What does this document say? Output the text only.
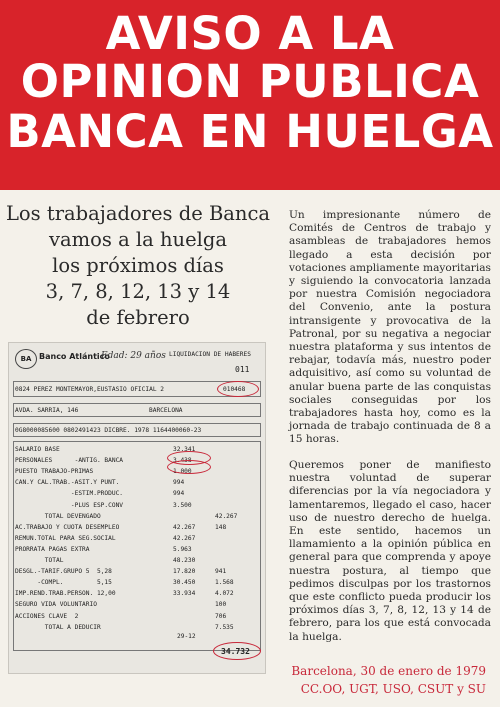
AVISO A LA
OPINION PUBLICA
BANCA EN HUELGA
Los trabajadores de Banca
vamos a la huelga
los próximos días
3, 7, 8, 12, 13 y 14
de febrero
BA Banco Atlántico
Edad: 29 años LIQUIDACION DE HABERES
011
0824 PEREZ MONTEMAYOR,EUSTASIO OFICIAL 2	010468
AVDA. SARRIA, 146	BARCELONA
0G8000085600 0802491423 DICBRE. 1978 1164400060-23
SALARIO BASE	32.341
PERSONALES      -ANTIG. BANCA	3.438
PUESTO TRABAJO-PRIMAS	1.000
CAN.Y CAL.TRAB.-ASIT.Y PUNT.	994
-ESTIM.PRODUC.	994
-PLUS ESP.CONV	3.500
TOTAL DEVENGADO	42.267
AC.TRABAJO Y CUOTA DESEMPLEO	42.267	148
REMUN.TOTAL PARA SEG.SOCIAL	42.267
PRORRATA PAGAS EXTRA	5.963
TOTAL	48.230
DESGL.-TARIF.GRUPO 5  5,28	17.820	941
-COMPL.         5,15	30.450	1.568
IMP.REND.TRAB.PERSON. 12,00	33.934	4.072
SEGURO VIDA VOLUNTARIO	100
ACCIONES CLAVE  2	706
TOTAL A DEDUCIR	7.535
29-12
34.732
Un impresionante número de Comités de Centros de trabajo y asambleas de trabajadores hemos llegado a esta decisión por votaciones ampliamente mayoritarias y siguiendo la convocatoria lanzada por nuestra Comisión negociadora del Convenio, ante la postura intransigente y provocativa de la Patronal, por su negativa a negociar nuestra plataforma y sus intentos de rebajar, todavía más, nuestro poder adquisitivo, así como su voluntad de anular buena parte de las conquistas sociales conseguidas por los trabajadores hasta hoy, como es la jornada de trabajo continuada de 8 a 15 horas.
Queremos poner de manifiesto nuestra voluntad de superar diferencias por la vía negociadora y lamentaremos, llegado el caso, hacer uso de nuestro derecho de huelga. En este sentido, hacemos un llamamiento a la opinión pública en general para que comprenda y apoye nuestra postura, al tiempo que pedimos disculpas por los trastornos que este conflicto pueda producir los próximos días 3, 7, 8, 12, 13 y 14 de febrero, para los que está convocada la huelga.
Barcelona, 30 de enero de 1979
CC.OO, UGT, USO, CSUT y SU
